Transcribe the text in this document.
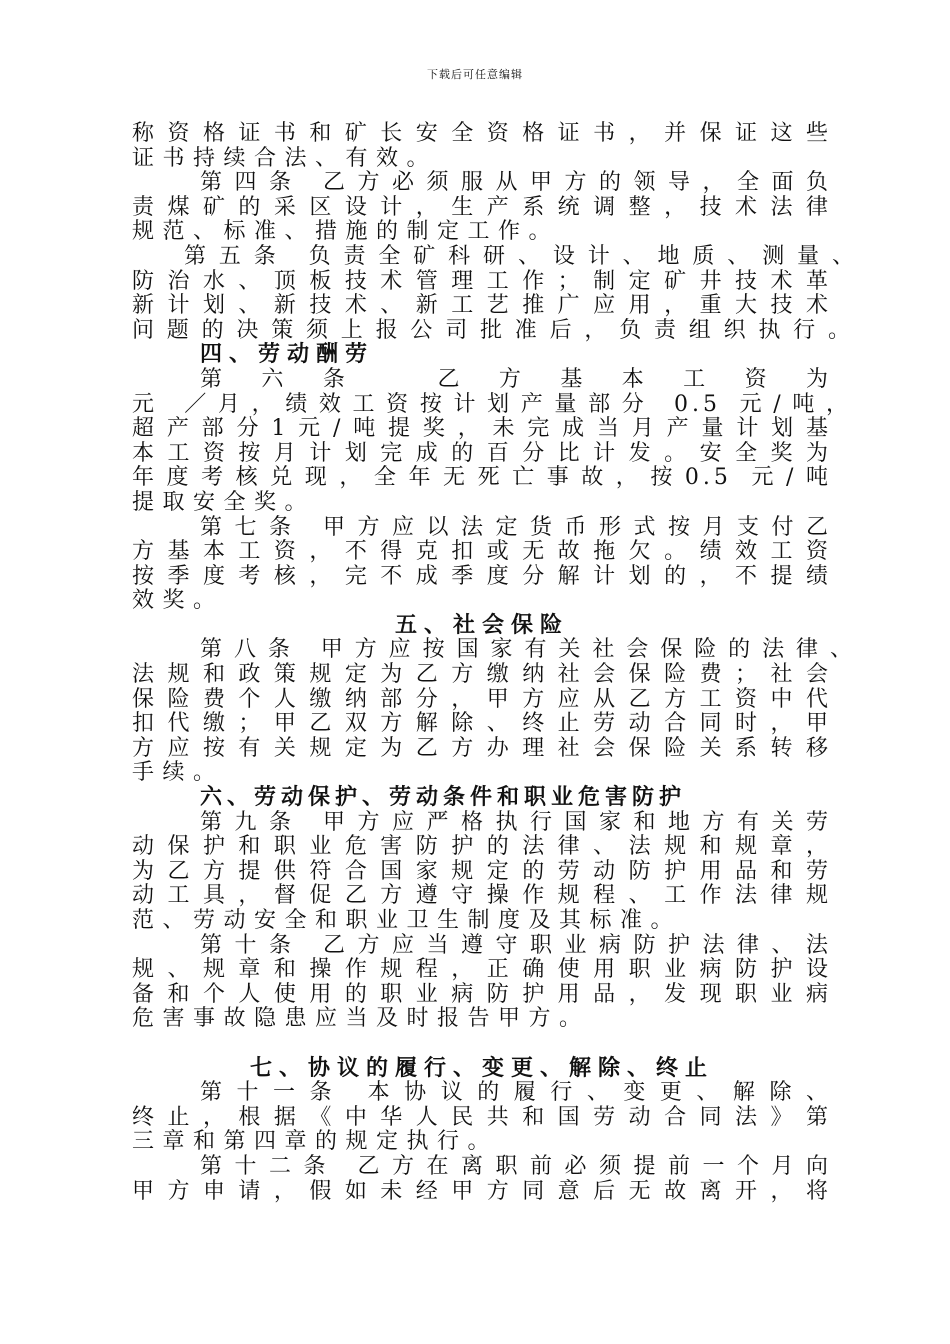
下载后可任意编辑
称资格证书和矿长安全资格证书，并保证这些
证书持续合法、有效。
第四条 乙方必须服从甲方的领导，全面负
责煤矿的采区设计，生产系统调整，技术法律
规范、标准、措施的制定工作。
第五条 负责全矿科研、设计、地质、测量、
防治水、顶板技术管理工作；制定矿井技术革
新计划、新技术、新工艺推广应用，重大技术
问题的决策须上报公司批准后，负责组织执行。
四、劳动酬劳
第 六 条　　乙 方 基 本 工 资 为
元 ／月，绩效工资按计划产量部分 0.5 元/吨，
超产部分1元/吨提奖，未完成当月产量计划基
本工资按月计划完成的百分比计发。安全奖为
年度考核兑现，全年无死亡事故，按0.5 元/吨
提取安全奖。
第七条 甲方应以法定货币形式按月支付乙
方基本工资，不得克扣或无故拖欠。绩效工资
按季度考核，完不成季度分解计划的，不提绩
效奖。
五、社会保险
第八条 甲方应按国家有关社会保险的法律、
法规和政策规定为乙方缴纳社会保险费；社会
保险费个人缴纳部分，甲方应从乙方工资中代
扣代缴；甲乙双方解除、终止劳动合同时，甲
方应按有关规定为乙方办理社会保险关系转移
手续。
六、劳动保护、劳动条件和职业危害防护
第九条 甲方应严格执行国家和地方有关劳
动保护和职业危害防护的法律、法规和规章，
为乙方提供符合国家规定的劳动防护用品和劳
动工具，督促乙方遵守操作规程、工作法律规
范、劳动安全和职业卫生制度及其标准。
第十条 乙方应当遵守职业病防护法律、法
规、规章和操作规程，正确使用职业病防护设
备和个人使用的职业病防护用品，发现职业病
危害事故隐患应当及时报告甲方。
七、协议的履行、变更、解除、终止
第十一条 本协议的履行、变更、解除、
终止，根据《中华人民共和国劳动合同法》第
三章和第四章的规定执行。
第十二条 乙方在离职前必须提前一个月向
甲方申请，假如未经甲方同意后无故离开，将
